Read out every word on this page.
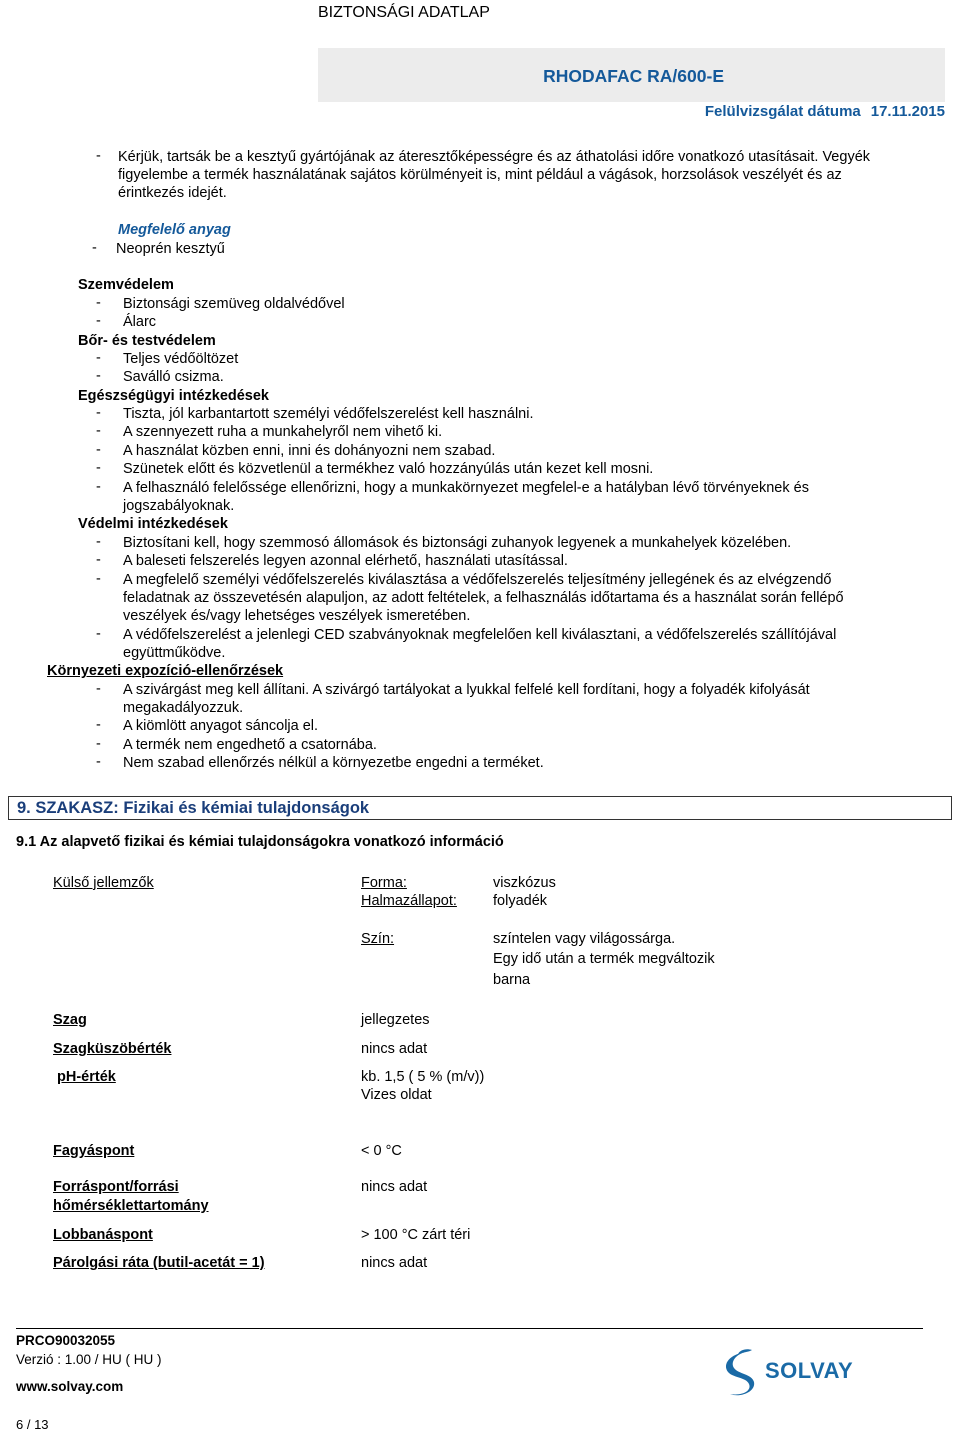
BIZTONSÁGI ADATLAP
RHODAFAC RA/600-E
Felülvizsgálat dátuma 17.11.2015
- Kérjük, tartsák be a kesztyű gyártójának az áteresztőképességre és az áthatolási időre vonatkozó utasításait. Vegyék
figyelembe a termék használatának sajátos körülményeit is, mint például a vágások, horzsolások veszélyét és az
érintkezés idejét.
Megfelelő anyag
- Neoprén kesztyű
Szemvédelem
- Biztonsági szemüveg oldalvédővel
- Álarc
Bőr- és testvédelem
- Teljes védőöltözet
- Saválló csizma.
Egészségügyi intézkedések
- Tiszta, jól karbantartott személyi védőfelszerelést kell használni.
- A szennyezett ruha a munkahelyről nem vihető ki.
- A használat közben enni, inni és dohányozni nem szabad.
- Szünetek előtt és közvetlenül a termékhez való hozzányúlás után kezet kell mosni.
- A felhasználó felelőssége ellenőrizni, hogy a munkakörnyezet megfelel-e a hatályban lévő törvényeknek és
jogszabályoknak.
Védelmi intézkedések
- Biztosítani kell, hogy szemmosó állomások és biztonsági zuhanyok legyenek a munkahelyek közelében.
- A baleseti felszerelés legyen azonnal elérhető, használati utasítással.
- A megfelelő személyi védőfelszerelés kiválasztása a védőfelszerelés teljesítmény jellegének és az elvégzendő
feladatnak az összevetésén alapuljon, az adott feltételek, a felhasználás időtartama és a használat során fellépő
veszélyek és/vagy lehetséges veszélyek ismeretében.
- A védőfelszerelést a jelenlegi CED szabványoknak megfelelően kell kiválasztani, a védőfelszerelés szállítójával
együttműködve.
Környezeti expozíció-ellenőrzések
- A szivárgást meg kell állítani. A szivárgó tartályokat a lyukkal felfelé kell fordítani, hogy a folyadék kifolyását
megakadályozzuk.
- A kiömlött anyagot sáncolja el.
- A termék nem engedhető a csatornába.
- Nem szabad ellenőrzés nélkül a környezetbe engedni a terméket.
9. SZAKASZ: Fizikai és kémiai tulajdonságok
9.1 Az alapvető fizikai és kémiai tulajdonságokra vonatkozó információ
Külső jellemzők	Forma:	viszkózus
Halmazállapot: folyadék
Szín:	színtelen vagy világossárga.
Egy idő után a termék megváltozik
barna
Szag	jellegzetes
Szagküszöbérték	nincs adat
pH-érték	kb. 1,5 ( 5 % (m/v))
Vizes oldat
Fagyáspont	< 0 °C
Forráspont/forrási
hőmérséklettartomány
nincs adat
Lobbanáspont	> 100 °C zárt téri
Párolgási ráta (butil-acetát = 1)	nincs adat
PRCO90032055
Verzió : 1.00 / HU ( HU )
www.solvay.com
SOLVAY
6 / 13
